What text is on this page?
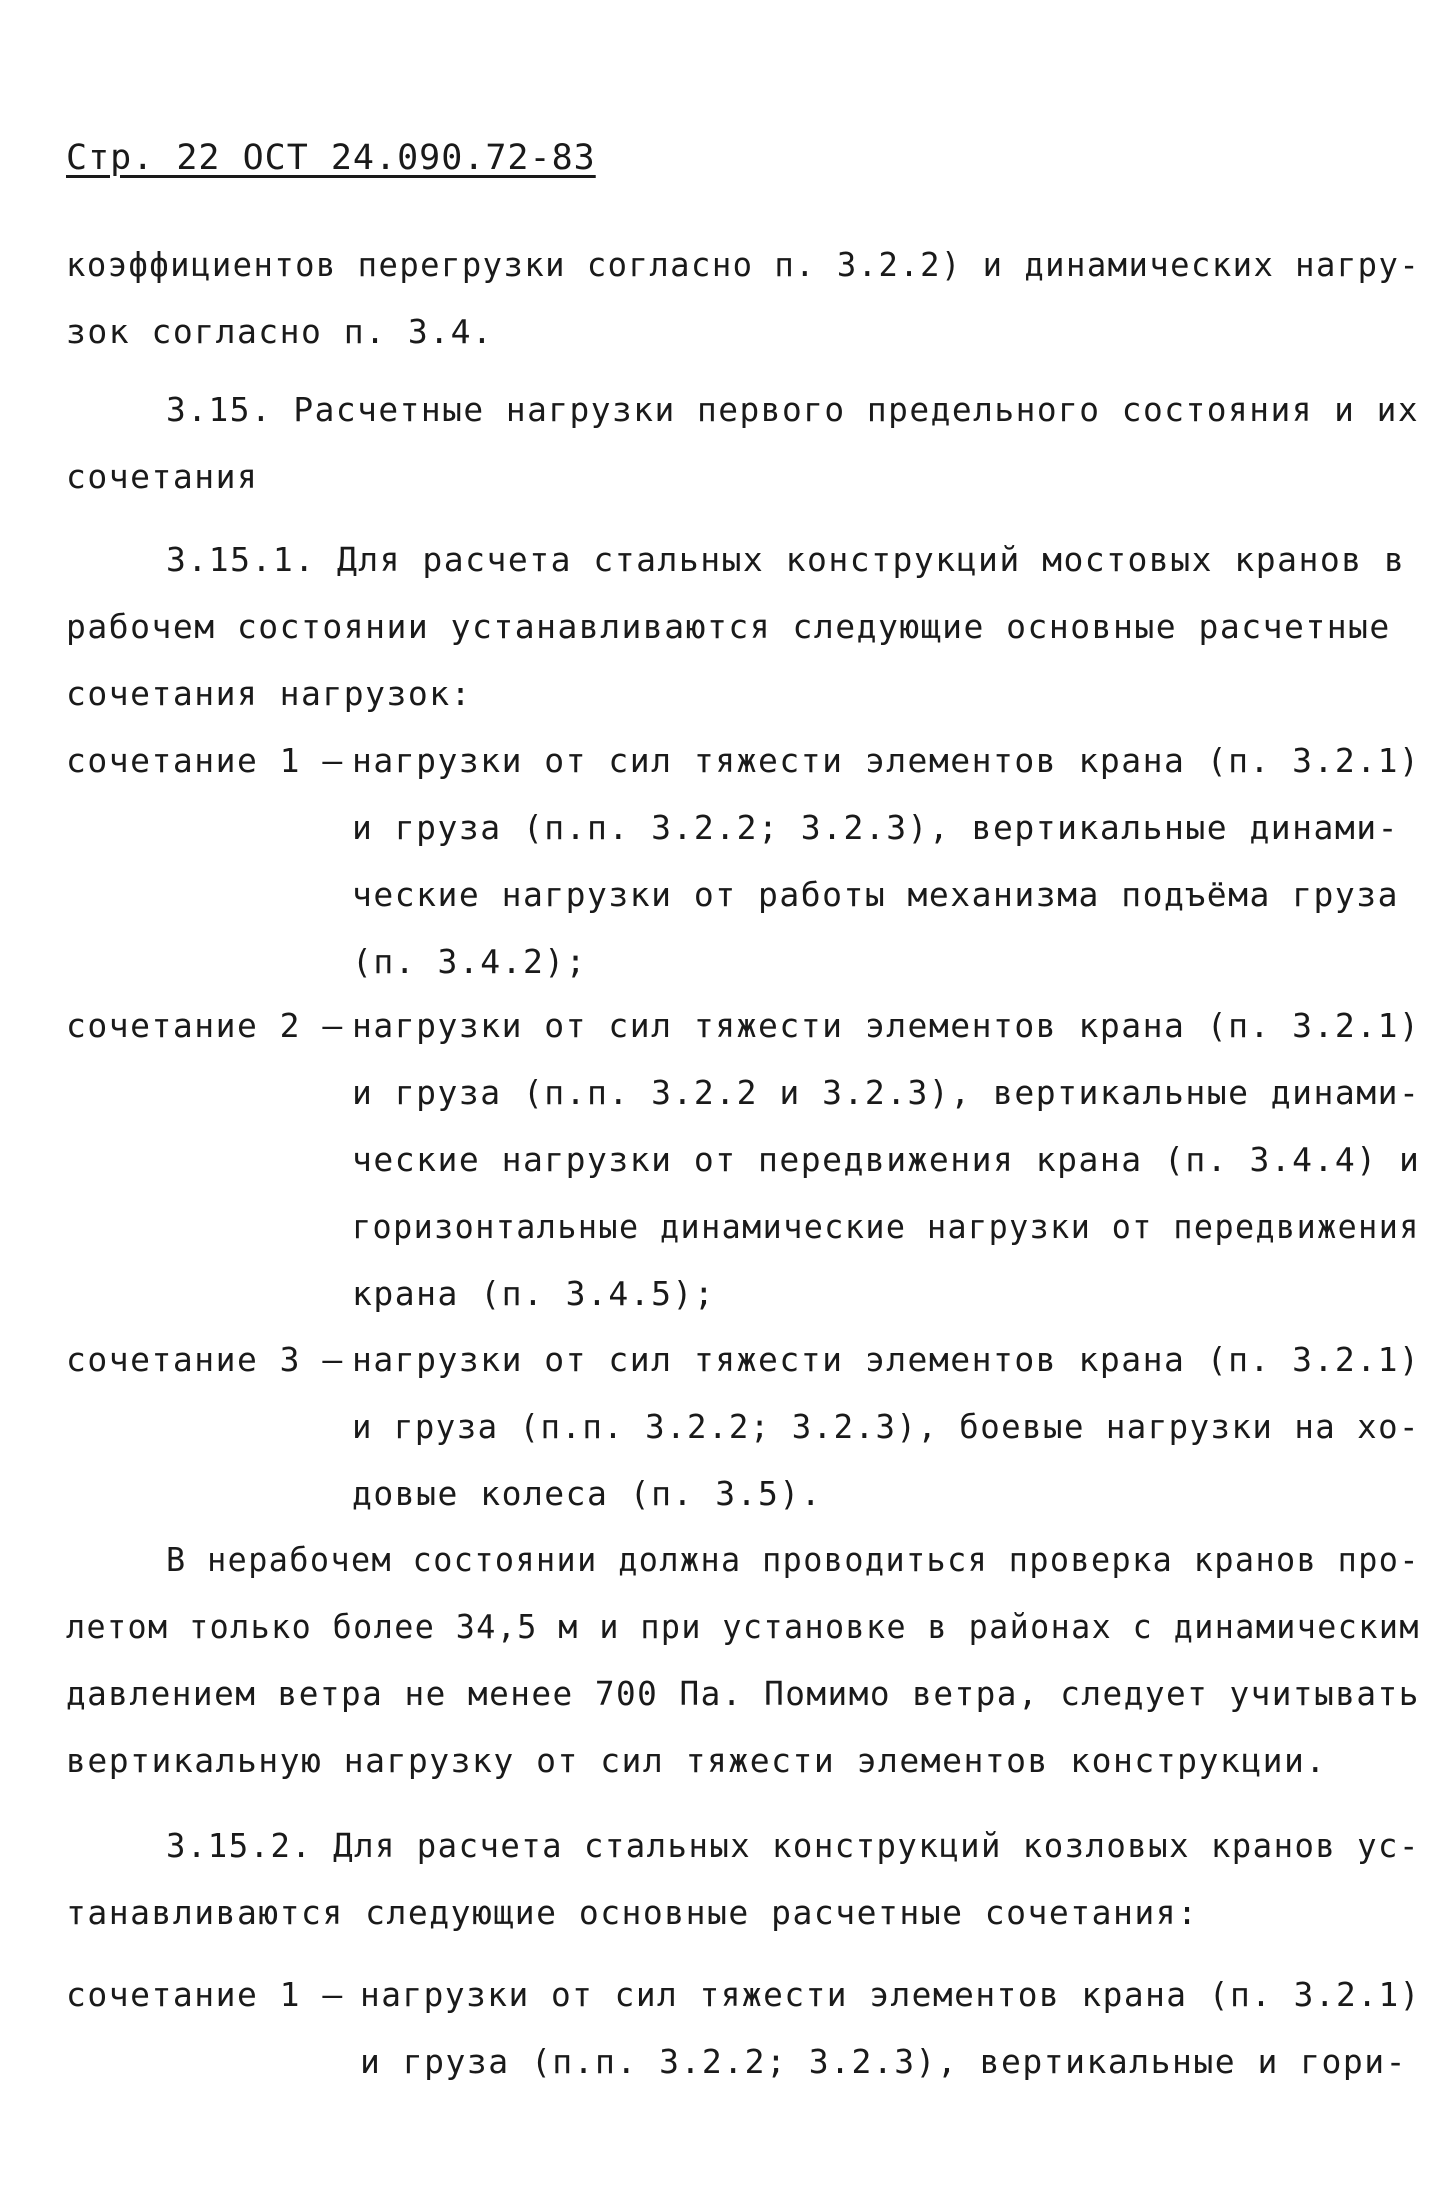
Стр. 22 ОСТ 24.090.72-83
коэффициентов перегрузки согласно п. 3.2.2) и динамических нагру-
зок согласно п. 3.4.
3.15. Расчетные нагрузки первого предельного состояния и их
сочетания
3.15.1. Для расчета стальных конструкций мостовых кранов в
рабочем состоянии устанавливаются следующие основные расчетные
сочетания нагрузок:
сочетание 1 – нагрузки от сил тяжести элементов крана (п. 3.2.1)
и груза (п.п. 3.2.2; 3.2.3), вертикальные динами-
ческие нагрузки от работы механизма подъёма груза
(п. 3.4.2);
сочетание 2 – нагрузки от сил тяжести элементов крана (п. 3.2.1)
и груза (п.п. 3.2.2 и 3.2.3), вертикальные динами-
ческие нагрузки от передвижения крана (п. 3.4.4) и
горизонтальные динамические нагрузки от передвижения
крана (п. 3.4.5);
сочетание 3 – нагрузки от сил тяжести элементов крана (п. 3.2.1)
и груза (п.п. 3.2.2; 3.2.3), боевые нагрузки на хо-
довые колеса (п. 3.5).
В нерабочем состоянии должна проводиться проверка кранов про-
летом только более 34,5 м и при установке в районах с динамическим
давлением ветра не менее 700 Па. Помимо ветра, следует учитывать
вертикальную нагрузку от сил тяжести элементов конструкции.
3.15.2. Для расчета стальных конструкций козловых кранов ус-
танавливаются следующие основные расчетные сочетания:
сочетание 1 – нагрузки от сил тяжести элементов крана (п. 3.2.1)
и груза (п.п. 3.2.2; 3.2.3), вертикальные и гори-
